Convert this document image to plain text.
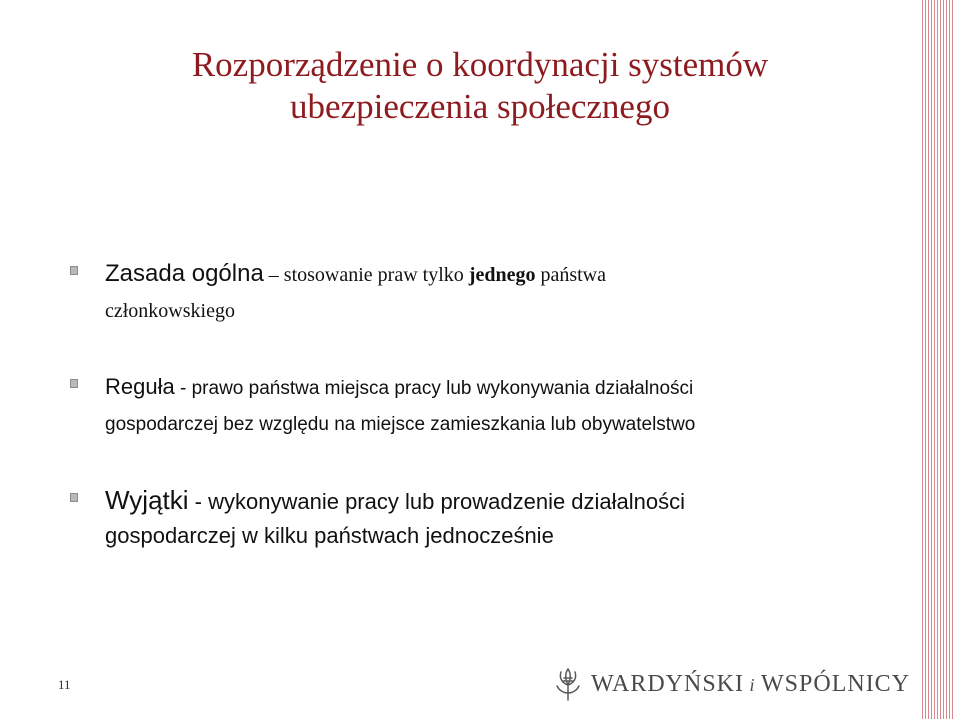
Rozporządzenie o koordynacji systemów
ubezpieczenia społecznego
Zasada ogólna – stosowanie praw tylko jednego państwa
członkowskiego
Reguła - prawo państwa miejsca pracy lub wykonywania działalności
gospodarczej bez względu na miejsce zamieszkania lub obywatelstwo
Wyjątki - wykonywanie pracy lub prowadzenie działalności
gospodarczej w kilku państwach jednocześnie
11	WARDYŃSKI i WSPÓLNICY
